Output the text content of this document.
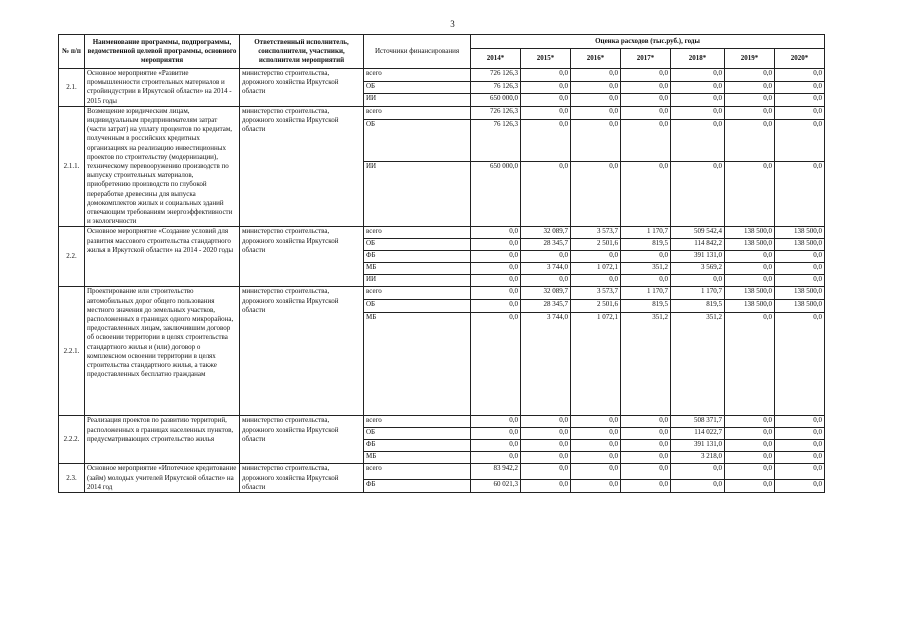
3
№ п/п	Наименование программы, подпрограммы, ведомственной целевой программы, основного мероприятия	Ответственный исполнитель, соисполнители, участники, исполнители мероприятий	Источники финансирования	Оценка расходов (тыс.руб.), годы						
				2014*	2015*	2016*	2017*	2018*	2019*	2020*
2.1.	Основное мероприятие «Развитие промышленности строительных материалов и стройиндустрии в Иркутской области» на 2014 - 2015 годы	министерство строительства, дорожного хозяйства Иркутской области	всего	726 126,3	0,0	0,0	0,0	0,0	0,0	0,0
			ОБ	76 126,3	0,0	0,0	0,0	0,0	0,0	0,0
			ИИ	650 000,0	0,0	0,0	0,0	0,0	0,0	0,0
2.1.1.	Возмещение юридическим лицам, индивидуальным предпринимателям затрат (части затрат) на уплату процентов по кредитам, полученным в российских кредитных организациях на реализацию инвестиционных проектов по строительству (модернизации), техническому перевооружению производств по выпуску строительных материалов, приобретению производств по глубокой переработке древесины для выпуска домокомплектов жилых и социальных зданий отвечающим требованиям энергоэффективности и экологичности	министерство строительства, дорожного хозяйства Иркутской области	всего	726 126,3	0,0	0,0	0,0	0,0	0,0	0,0
			ОБ	76 126,3	0,0	0,0	0,0	0,0	0,0	0,0
			ИИ	650 000,0	0,0	0,0	0,0	0,0	0,0	0,0
2.2.	Основное мероприятие «Создание условий для развития массового строительства стандартного жилья в Иркутской области» на 2014 - 2020 годы	министерство строительства, дорожного хозяйства Иркутской области	всего	0,0	32 089,7	3 573,7	1 170,7	509 542,4	138 500,0	138 500,0
			ОБ	0,0	28 345,7	2 501,6	819,5	114 842,2	138 500,0	138 500,0
			ФБ	0,0	0,0	0,0	0,0	391 131,0	0,0	0,0
			МБ	0,0	3 744,0	1 072,1	351,2	3 569,2	0,0	0,0
			ИИ	0,0	0,0	0,0	0,0	0,0	0,0	0,0
2.2.1.	Проектирование или строительство автомобильных дорог общего пользования местного значения до земельных участков, расположенных в границах одного микрорайона, предоставленных лицам, заключившим договор об освоении территории в целях строительства стандартного жилья и (или) договор о комплексном освоении территории в целях строительства стандартного жилья, а также предоставленных бесплатно гражданам	министерство строительства, дорожного хозяйства Иркутской области	всего	0,0	32 089,7	3 573,7	1 170,7	1 170,7	138 500,0	138 500,0
			ОБ	0,0	28 345,7	2 501,6	819,5	819,5	138 500,0	138 500,0
			МБ	0,0	3 744,0	1 072,1	351,2	351,2	0,0	0,0
2.2.2.	Реализация проектов по развитию территорий, расположенных в границах населенных пунктов, предусматривающих строительство жилья	министерство строительства, дорожного хозяйства Иркутской области	всего	0,0	0,0	0,0	0,0	508 371,7	0,0	0,0
			ОБ	0,0	0,0	0,0	0,0	114 022,7	0,0	0,0
			ФБ	0,0	0,0	0,0	0,0	391 131,0	0,0	0,0
			МБ	0,0	0,0	0,0	0,0	3 218,0	0,0	0,0
2.3.	Основное мероприятие «Ипотечное кредитование (займ) молодых учителей Иркутской области» на 2014 год	министерство строительства, дорожного хозяйства Иркутской области	всего	83 942,2	0,0	0,0	0,0	0,0	0,0	0,0
			ФБ	60 021,3	0,0	0,0	0,0	0,0	0,0	0,0
